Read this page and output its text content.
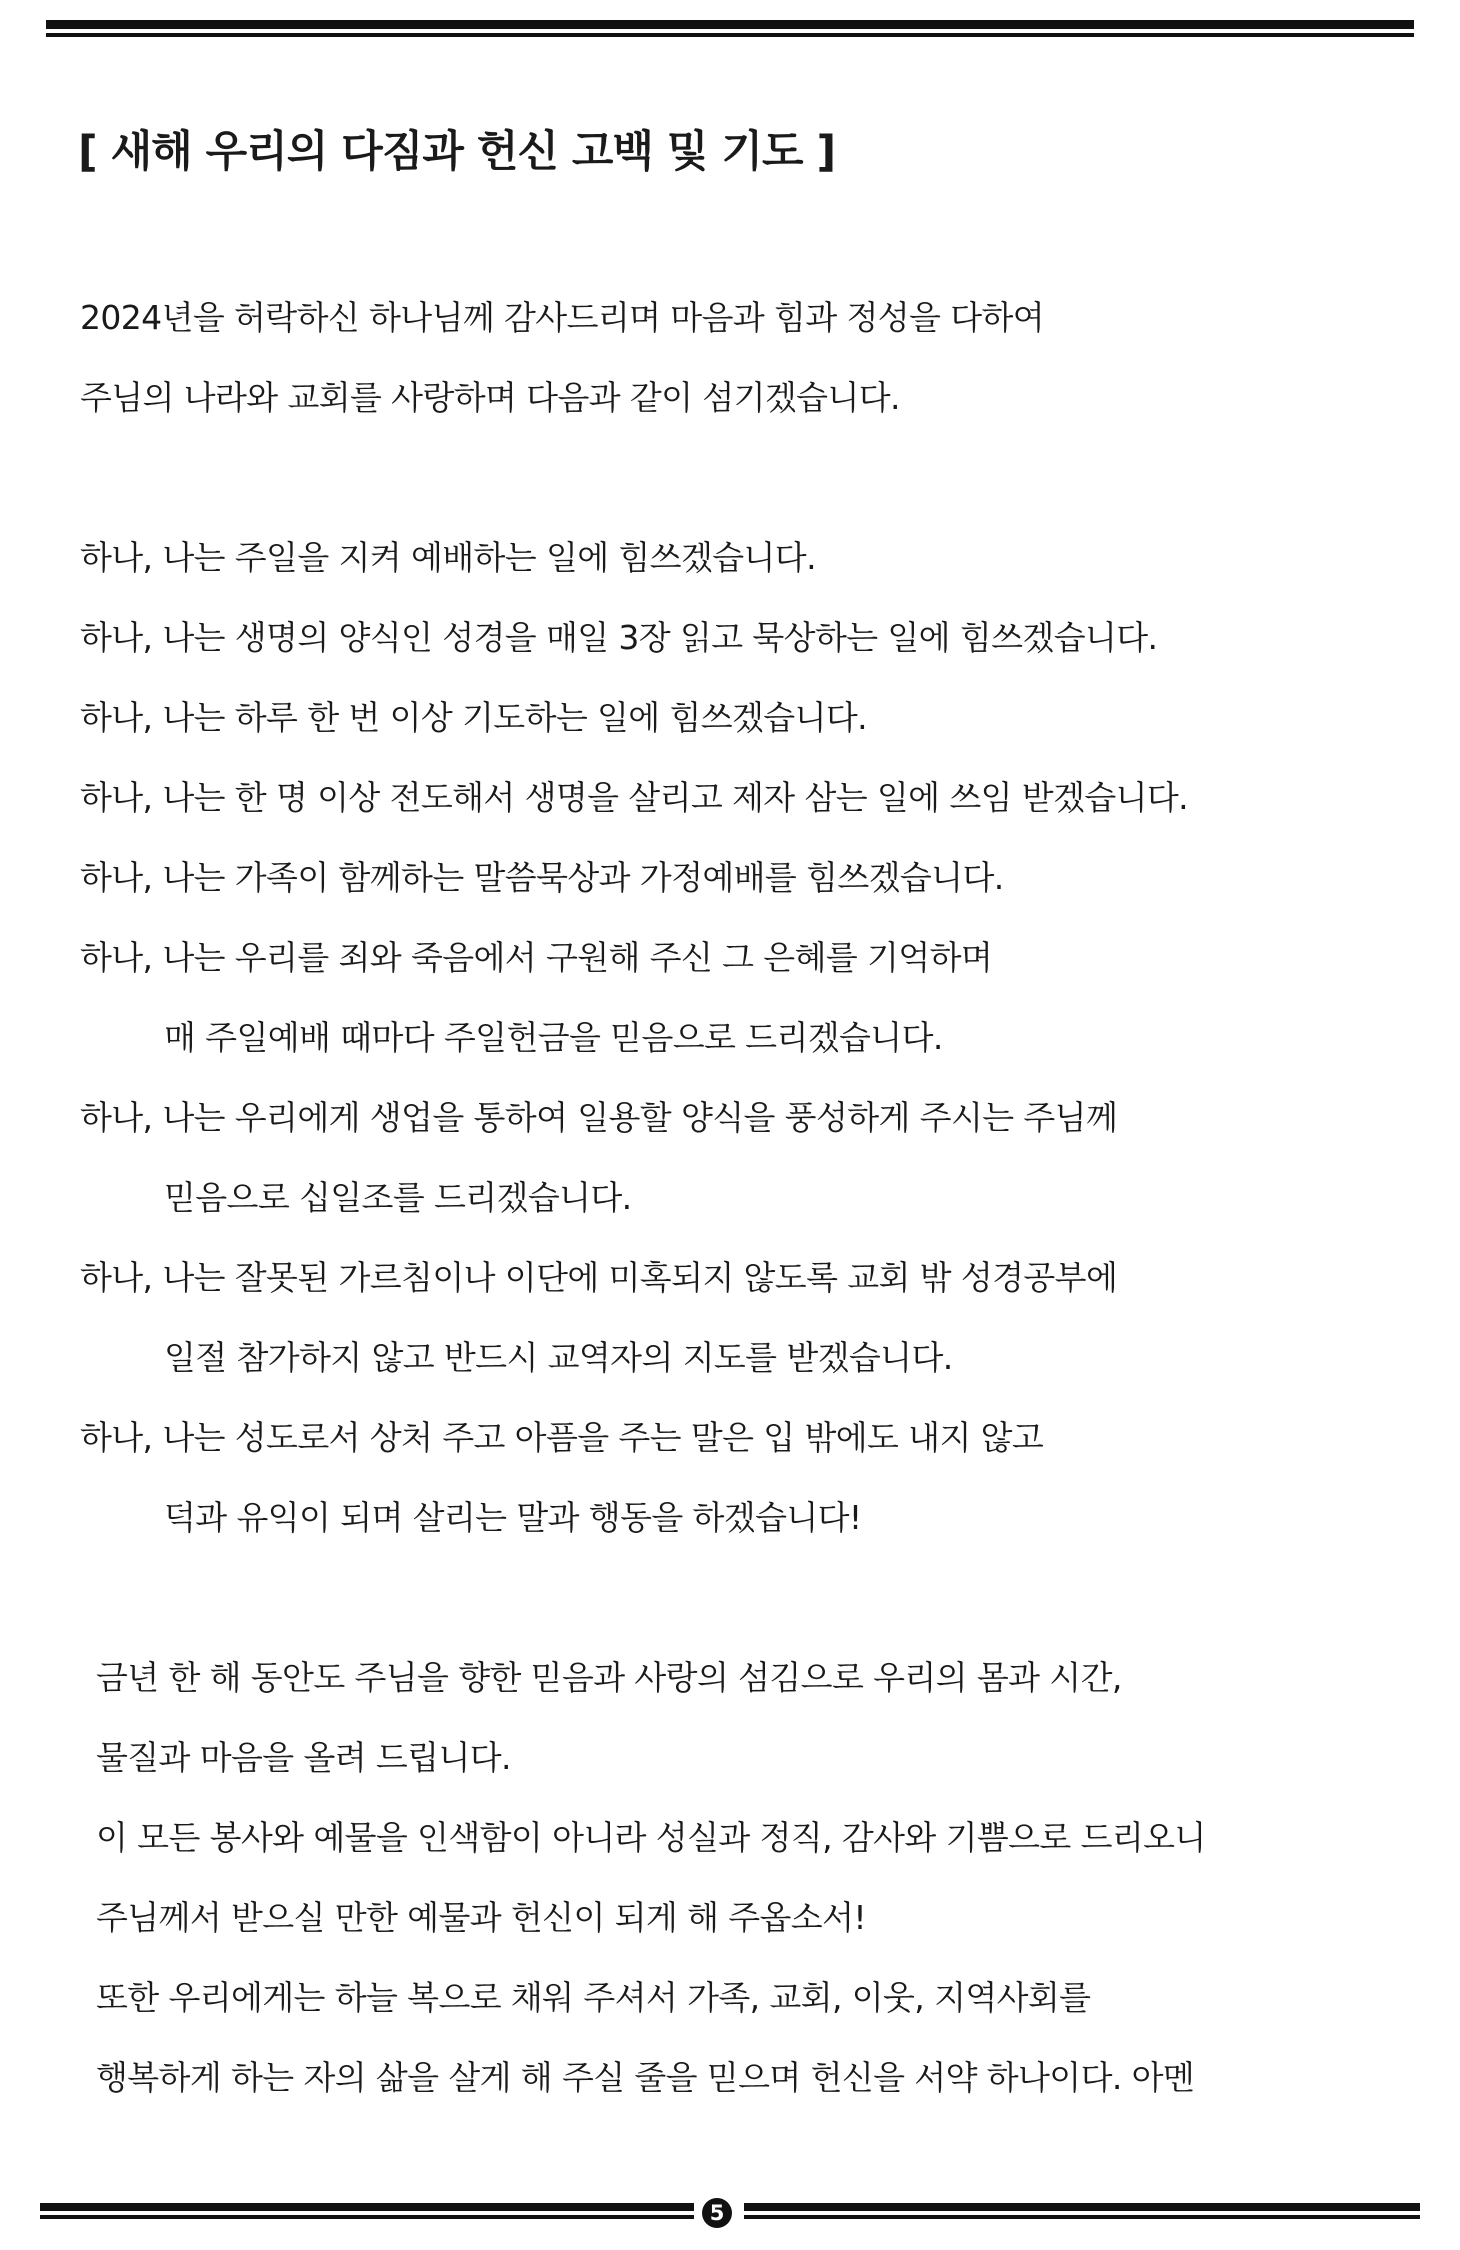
[ 새해 우리의 다짐과 헌신 고백 및 기도 ]

2024년을 허락하신 하나님께 감사드리며 마음과 힘과 정성을 다하여

주님의 나라와 교회를 사랑하며 다음과 같이 섬기겠습니다.

하나, 나는 주일을 지켜 예배하는 일에 힘쓰겠습니다.

하나, 나는 생명의 양식인 성경을 매일 3장 읽고 묵상하는 일에 힘쓰겠습니다.

하나, 나는 하루 한 번 이상 기도하는 일에 힘쓰겠습니다.

하나, 나는 한 명 이상 전도해서 생명을 살리고 제자 삼는 일에 쓰임 받겠습니다.

하나, 나는 가족이 함께하는 말씀묵상과 가정예배를 힘쓰겠습니다.

하나, 나는 우리를 죄와 죽음에서 구원해 주신 그 은혜를 기억하며

매 주일예배 때마다 주일헌금을 믿음으로 드리겠습니다.

하나, 나는 우리에게 생업을 통하여 일용할 양식을 풍성하게 주시는 주님께

믿음으로 십일조를 드리겠습니다.

하나, 나는 잘못된 가르침이나 이단에 미혹되지 않도록 교회 밖 성경공부에

일절 참가하지 않고 반드시 교역자의 지도를 받겠습니다.

하나, 나는 성도로서 상처 주고 아픔을 주는 말은 입 밖에도 내지 않고

덕과 유익이 되며 살리는 말과 행동을 하겠습니다!

금년 한 해 동안도 주님을 향한 믿음과 사랑의 섬김으로 우리의 몸과 시간,

물질과 마음을 올려 드립니다.

이 모든 봉사와 예물을 인색함이 아니라 성실과 정직, 감사와 기쁨으로 드리오니

주님께서 받으실 만한 예물과 헌신이 되게 해 주옵소서!

또한 우리에게는 하늘 복으로 채워 주셔서 가족, 교회, 이웃, 지역사회를

행복하게 하는 자의 삶을 살게 해 주실 줄을 믿으며 헌신을 서약 하나이다. 아멘

5
